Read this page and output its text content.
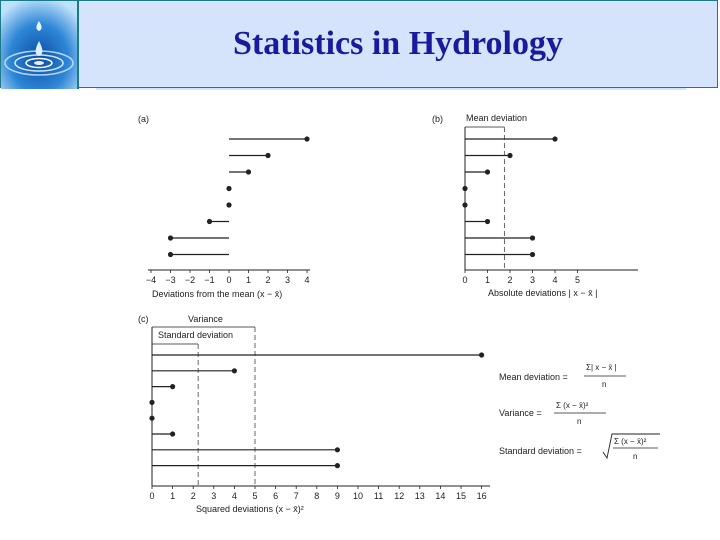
Statistics in Hydrology
(a)
−4 −3 −2 −1 0 1 2 3 4
Deviations from the mean (x − x̄)
(b)	Mean deviation
0 1 2 3 4 5
Absolute deviations | x − x̄ |
(c)	Variance
Standard deviation
0 1 2 3 4 5 6 7 8 9 10 11 12 13 14 15 16
Squared deviations (x − x̄)²
Mean deviation =
Σ| x − x̄ |
n
Variance =
Σ (x − x̄)²
n
Standard deviation =
Σ (x − x̄)²
n
